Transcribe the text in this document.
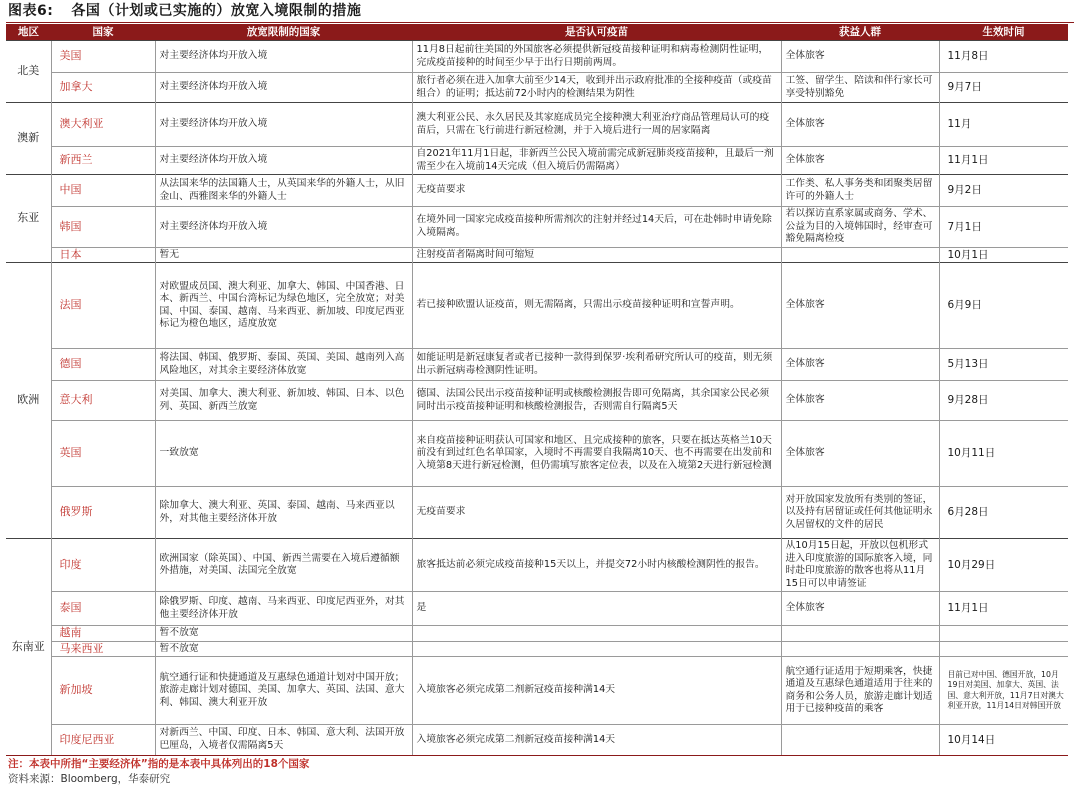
图表6: 各国（计划或已实施的）放宽入境限制的措施
地区	国家	放宽限制的国家	是否认可疫苗	获益人群	生效时间
北美	美国	对主要经济体均开放入境	11月8日起前往美国的外国旅客必须提供新冠疫苗接种证明和病毒检测阴性证明，完成疫苗接种的时间至少早于出行日期前两周。	全体旅客	11月8日
	加拿大	对主要经济体均开放入境	旅行者必须在进入加拿大前至少14天，收到并出示政府批准的全接种疫苗（或疫苗组合）的证明；抵达前72小时内的检测结果为阴性	工签、留学生、陪读和伴行家长可享受特别豁免	9月7日
澳新	澳大利亚	对主要经济体均开放入境	澳大利亚公民、永久居民及其家庭成员完全接种澳大利亚治疗商品管理局认可的疫苗后，只需在飞行前进行新冠检测，并于入境后进行一周的居家隔离	全体旅客	11月
	新西兰	对主要经济体均开放入境	自2021年11月1日起，非新西兰公民入境前需完成新冠肺炎疫苗接种，且最后一剂需至少在入境前14天完成（但入境后仍需隔离）	全体旅客	11月1日
东亚	中国	从法国来华的法国籍人士，从英国来华的外籍人士，从旧金山、西雅图来华的外籍人士	无疫苗要求	工作类、私人事务类和团聚类居留许可的外籍人士	9月2日
	韩国	对主要经济体均开放入境	在境外同一国家完成疫苗接种所需剂次的注射并经过14天后，可在赴韩时申请免除入境隔离。	若以探访直系家属或商务、学术、公益为目的入境韩国时，经审查可豁免隔离检疫	7月1日
	日本	暂无	注射疫苗者隔离时间可缩短		10月1日
欧洲	法国	对欧盟成员国、澳大利亚、加拿大、韩国、中国香港、日本、新西兰、中国台湾标记为绿色地区，完全放宽；对美国、中国、泰国、越南、马来西亚、新加坡、印度尼西亚标记为橙色地区，适度放宽	若已接种欧盟认证疫苗，则无需隔离，只需出示疫苗接种证明和宣誓声明。	全体旅客	6月9日
	德国	将法国、韩国、俄罗斯、泰国、英国、美国、越南列入高风险地区，对其余主要经济体放宽	如能证明是新冠康复者或者已接种一款得到保罗·埃利希研究所认可的疫苗，则无须出示新冠病毒检测阴性证明。	全体旅客	5月13日
	意大利	对美国、加拿大、澳大利亚、新加坡、韩国、日本、以色列、英国、新西兰放宽	德国、法国公民出示疫苗接种证明或核酸检测报告即可免隔离，其余国家公民必须同时出示疫苗接种证明和核酸检测报告，否则需自行隔离5天	全体旅客	9月28日
	英国	一致放宽	来自疫苗接种证明获认可国家和地区、且完成接种的旅客，只要在抵达英格兰10天前没有到过红色名单国家，入境时不再需要自我隔离10天、也不再需要在出发前和入境第8天进行新冠检测，但仍需填写旅客定位表，以及在入境第2天进行新冠检测	全体旅客	10月11日
	俄罗斯	除加拿大、澳大利亚、英国、泰国、越南、马来西亚以外，对其他主要经济体开放	无疫苗要求	对开放国家发放所有类别的签证，以及持有居留证或任何其他证明永久居留权的文件的居民	6月28日
东南亚	印度	欧洲国家（除英国）、中国、新西兰需要在入境后遵循额外措施，对美国、法国完全放宽	旅客抵达前必须完成疫苗接种15天以上，并提交72小时内核酸检测阴性的报告。	从10月15日起，开放以包机形式进入印度旅游的国际旅客入境，同时赴印度旅游的散客也将从11月15日可以申请签证	10月29日
	泰国	除俄罗斯、印度、越南、马来西亚、印度尼西亚外，对其他主要经济体开放	是	全体旅客	11月1日
	越南	暂不放宽			
	马来西亚	暂不放宽			
	新加坡	航空通行证和快捷通道及互惠绿色通道计划对中国开放；旅游走廊计划对德国、美国、加拿大、英国、法国、意大利、韩国、澳大利亚开放	入境旅客必须完成第二剂新冠疫苗接种满14天	航空通行证适用于短期乘客，快捷通道及互惠绿色通道适用于往来的商务和公务人员，旅游走廊计划适用于已接种疫苗的乘客	目前已对中国、德国开放，10月19日对美国、加拿大、英国、法国、意大利开放，11月7日对澳大利亚开放，11月14日对韩国开放
	印度尼西亚	对新西兰、中国、印度、日本、韩国、意大利、法国开放巴厘岛，入境者仅需隔离5天	入境旅客必须完成第二剂新冠疫苗接种满14天		10月14日
注：本表中所指“主要经济体”指的是本表中具体列出的18个国家
资料来源：Bloomberg，华泰研究
